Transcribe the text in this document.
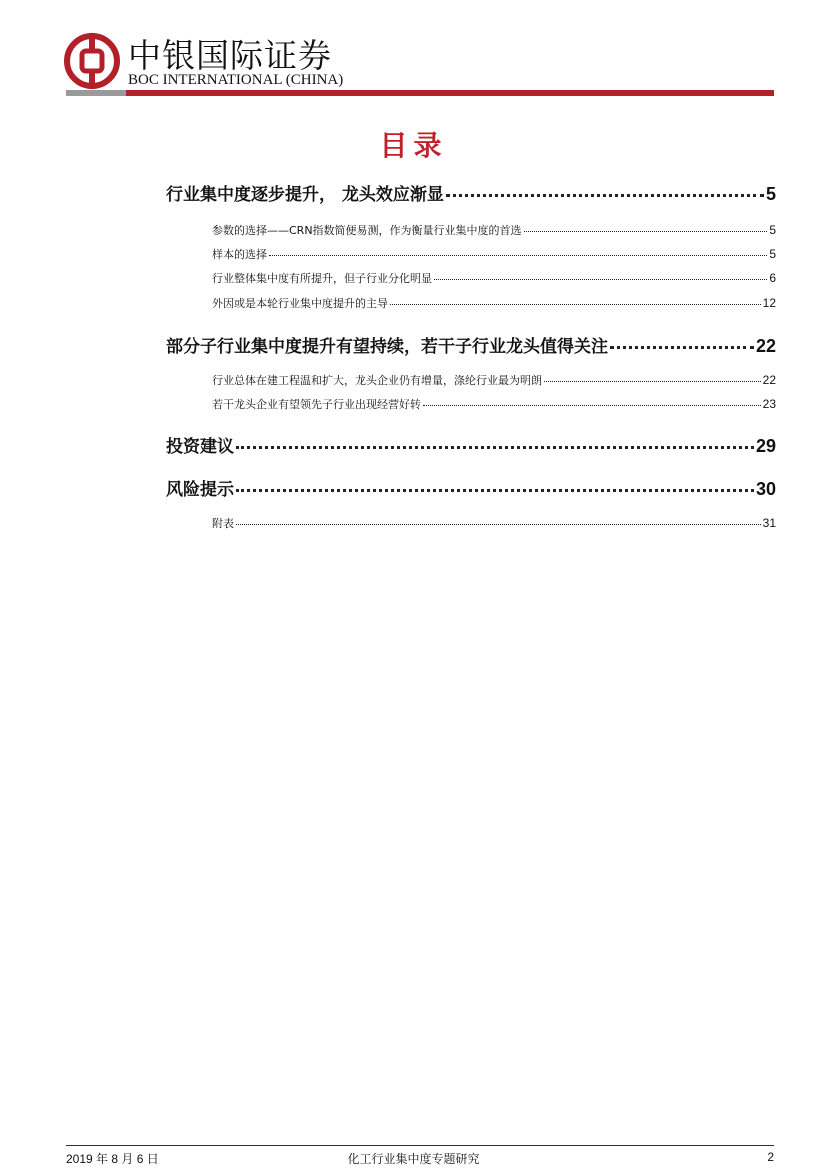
中银国际证券
BOC INTERNATIONAL (CHINA)
目录
行业集中度逐步提升， 龙头效应渐显	5
参数的选择——CRN指数简便易测，作为衡量行业集中度的首选	5
样本的选择	5
行业整体集中度有所提升，但子行业分化明显	6
外因或是本轮行业集中度提升的主导	12
部分子行业集中度提升有望持续，若干子行业龙头值得关注	22
行业总体在建工程温和扩大，龙头企业仍有增量，涤纶行业最为明朗	22
若干龙头企业有望领先子行业出现经营好转	23
投资建议	29
风险提示	30
附表	31
2019 年 8 月 6 日	化工行业集中度专题研究	2
